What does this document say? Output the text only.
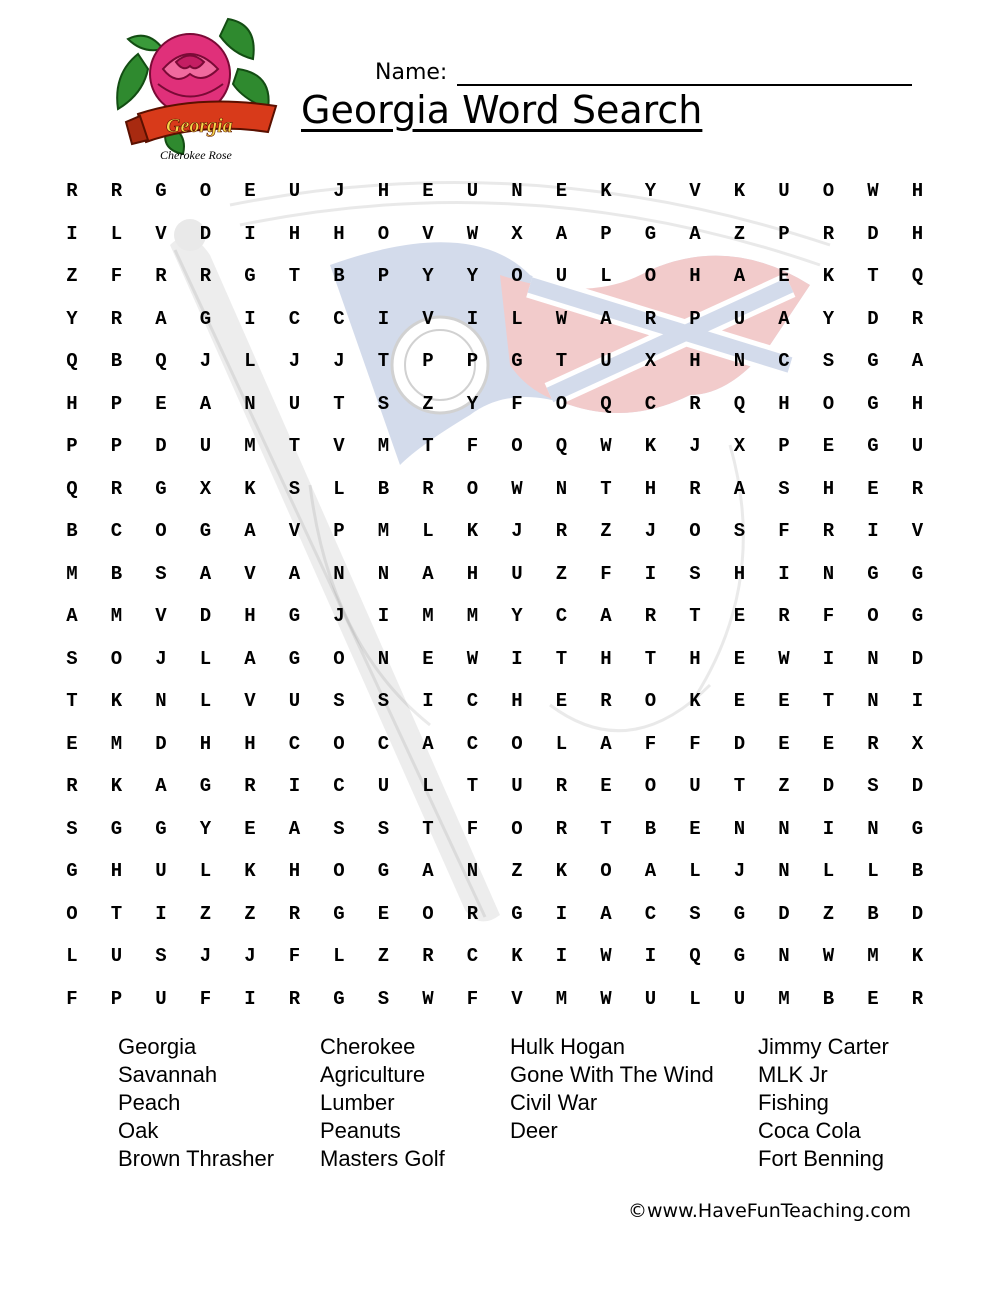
Georgia
Cherokee Rose
Name:
Georgia Word Search
R	R	G	O	E	U	J	H	E	U	N	E	K	Y	V	K	U	O	W	H
I	L	V	D	I	H	H	O	V	W	X	A	P	G	A	Z	P	R	D	H
Z	F	R	R	G	T	B	P	Y	Y	O	U	L	O	H	A	E	K	T	Q
Y	R	A	G	I	C	C	I	V	I	L	W	A	R	P	U	A	Y	D	R
Q	B	Q	J	L	J	J	T	P	P	G	T	U	X	H	N	C	S	G	A
H	P	E	A	N	U	T	S	Z	Y	F	O	Q	C	R	Q	H	O	G	H
P	P	D	U	M	T	V	M	T	F	O	Q	W	K	J	X	P	E	G	U
Q	R	G	X	K	S	L	B	R	O	W	N	T	H	R	A	S	H	E	R
B	C	O	G	A	V	P	M	L	K	J	R	Z	J	O	S	F	R	I	V
M	B	S	A	V	A	N	N	A	H	U	Z	F	I	S	H	I	N	G	G
A	M	V	D	H	G	J	I	M	M	Y	C	A	R	T	E	R	F	O	G
S	O	J	L	A	G	O	N	E	W	I	T	H	T	H	E	W	I	N	D
T	K	N	L	V	U	S	S	I	C	H	E	R	O	K	E	E	T	N	I
E	M	D	H	H	C	O	C	A	C	O	L	A	F	F	D	E	E	R	X
R	K	A	G	R	I	C	U	L	T	U	R	E	O	U	T	Z	D	S	D
S	G	G	Y	E	A	S	S	T	F	O	R	T	B	E	N	N	I	N	G
G	H	U	L	K	H	O	G	A	N	Z	K	O	A	L	J	N	L	L	B
O	T	I	Z	Z	R	G	E	O	R	G	I	A	C	S	G	D	Z	B	D
L	U	S	J	J	F	L	Z	R	C	K	I	W	I	Q	G	N	W	M	K
F	P	U	F	I	R	G	S	W	F	V	M	W	U	L	U	M	B	E	R
Georgia
Savannah
Peach
Oak
Brown Thrasher
Cherokee
Agriculture
Lumber
Peanuts
Masters Golf
Hulk Hogan
Gone With The Wind
Civil War
Deer
Jimmy Carter
MLK Jr
Fishing
Coca Cola
Fort Benning
©www.HaveFunTeaching.com
